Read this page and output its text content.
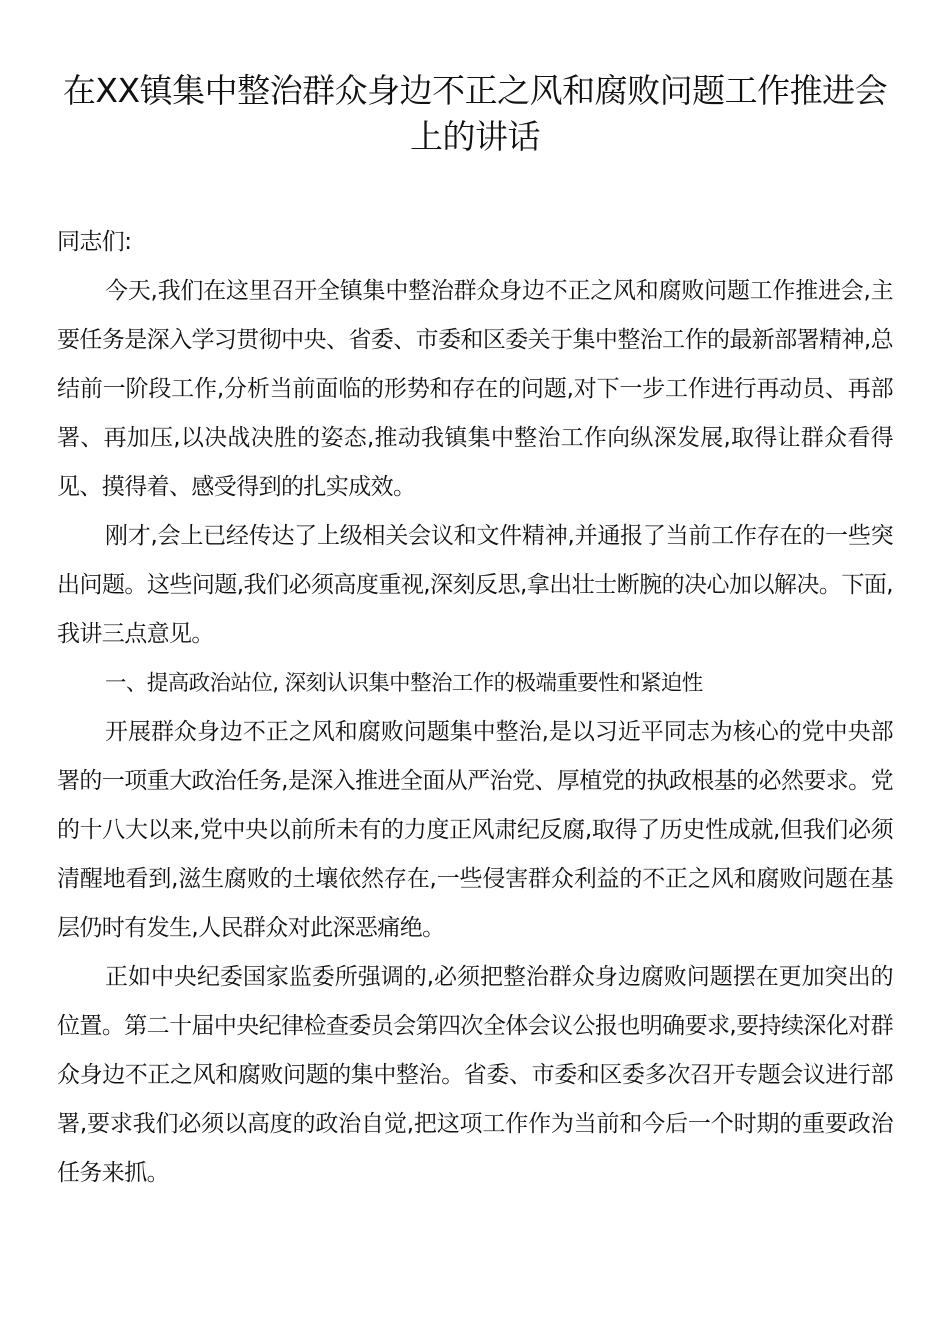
在XX镇集中整治群众身边不正之风和腐败问题工作推进会上的讲话

同志们:

今天,我们在这里召开全镇集中整治群众身边不正之风和腐败问题工作推进会,主要任务是深入学习贯彻中央、省委、市委和区委关于集中整治工作的最新部署精神,总结前一阶段工作,分析当前面临的形势和存在的问题,对下一步工作进行再动员、再部署、再加压,以决战决胜的姿态,推动我镇集中整治工作向纵深发展,取得让群众看得见、摸得着、感受得到的扎实成效。

刚才,会上已经传达了上级相关会议和文件精神,并通报了当前工作存在的一些突出问题。这些问题,我们必须高度重视,深刻反思,拿出壮士断腕的决心加以解决。下面,我讲三点意见。

一、提高政治站位, 深刻认识集中整治工作的极端重要性和紧迫性

开展群众身边不正之风和腐败问题集中整治,是以习近平同志为核心的党中央部署的一项重大政治任务,是深入推进全面从严治党、厚植党的执政根基的必然要求。党的十八大以来,党中央以前所未有的力度正风肃纪反腐,取得了历史性成就,但我们必须清醒地看到,滋生腐败的土壤依然存在,一些侵害群众利益的不正之风和腐败问题在基层仍时有发生,人民群众对此深恶痛绝。

正如中央纪委国家监委所强调的,必须把整治群众身边腐败问题摆在更加突出的位置。第二十届中央纪律检查委员会第四次全体会议公报也明确要求,要持续深化对群众身边不正之风和腐败问题的集中整治。省委、市委和区委多次召开专题会议进行部署,要求我们必须以高度的政治自觉,把这项工作作为当前和今后一个时期的重要政治任务来抓。
